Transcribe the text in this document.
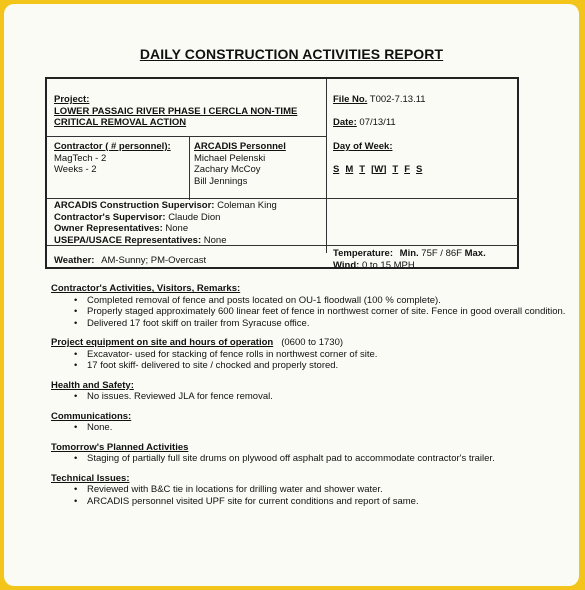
DAILY CONSTRUCTION ACTIVITIES REPORT
Project:
LOWER PASSAIC RIVER PHASE I CERCLA NON-TIME
CRITICAL REMOVAL ACTION
File No. T002-7.13.11
Date: 07/13/11
Contractor ( # personnel):
MagTech - 2
Weeks - 2
ARCADIS Personnel
Michael Pelenski
Zachary McCoy
Bill Jennings
Day of Week:
S M T [W] T F S
ARCADIS Construction Supervisor: Coleman King
Contractor's Supervisor: Claude Dion
Owner Representatives: None
USEPA/USACE Representatives: None
Weather: AM-Sunny; PM-Overcast
Temperature: Min. 75F / 86F Max.
Wind: 0 to 15 MPH
Contractor's Activities, Visitors, Remarks:
• Completed removal of fence and posts located on OU-1 floodwall (100 % complete).
• Properly staged approximately 600 linear feet of fence in northwest corner of site. Fence in good overall condition.
• Delivered 17 foot skiff on trailer from Syracuse office.
Project equipment on site and hours of operation (0600 to 1730)
• Excavator- used for stacking of fence rolls in northwest corner of site.
• 17 foot skiff- delivered to site / chocked and properly stored.
Health and Safety:
• No issues. Reviewed JLA for fence removal.
Communications:
• None.
Tomorrow's Planned Activities
• Staging of partially full site drums on plywood off asphalt pad to accommodate contractor's trailer.
Technical Issues:
• Reviewed with B&C tie in locations for drilling water and shower water.
• ARCADIS personnel visited UPF site for current conditions and report of same.
